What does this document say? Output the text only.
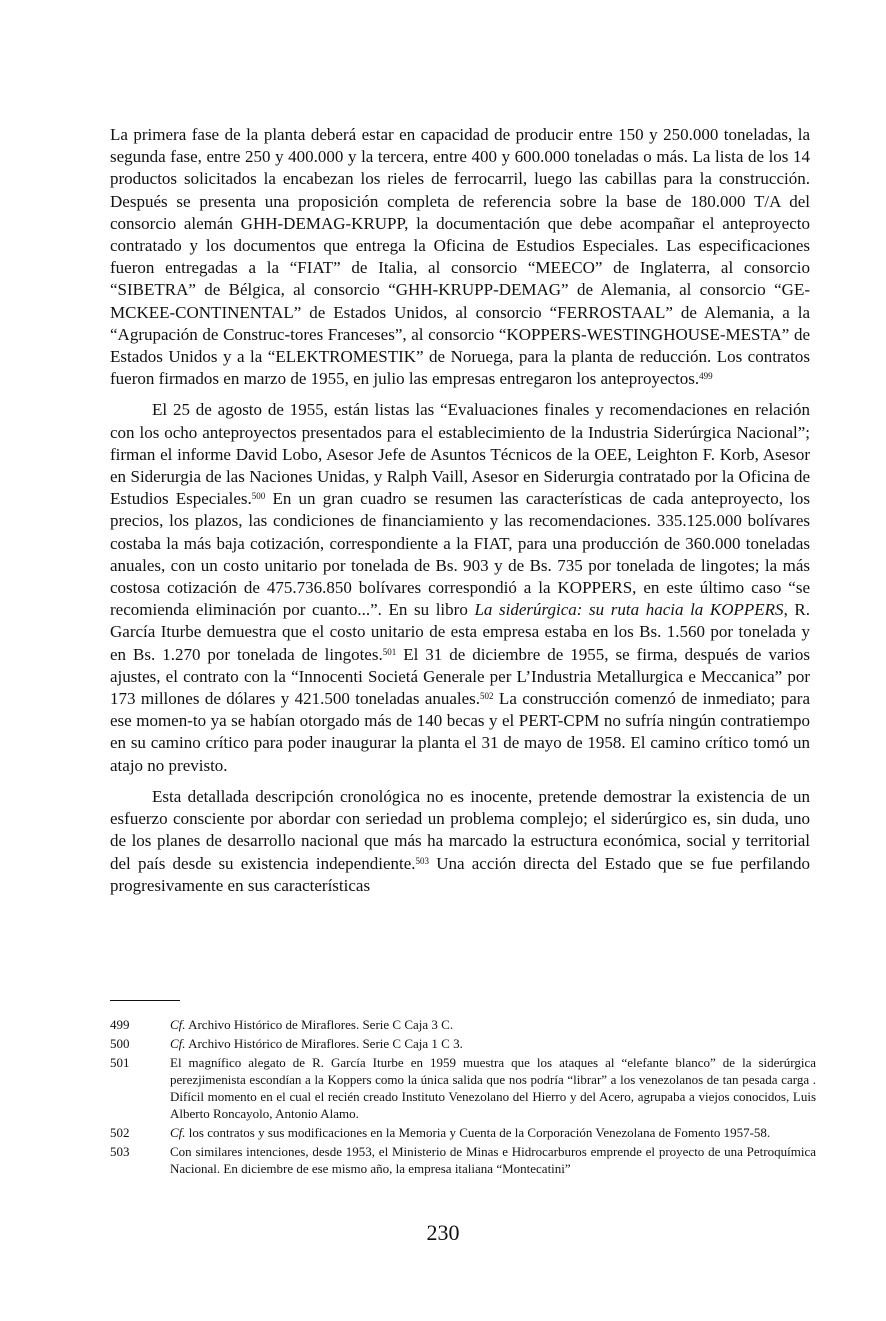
La primera fase de la planta deberá estar en capacidad de producir entre 150 y 250.000 toneladas, la segunda fase, entre 250 y 400.000 y la tercera, entre 400 y 600.000 toneladas o más. La lista de los 14 productos solicitados la encabezan los rieles de ferrocarril, luego las cabillas para la construcción. Después se presenta una proposición completa de referencia sobre la base de 180.000 T/A del consorcio alemán GHH-DEMAG-KRUPP, la documentación que debe acompañar el anteproyecto contratado y los documentos que entrega la Oficina de Estudios Especiales. Las especificaciones fueron entregadas a la “FIAT” de Italia, al consorcio “MEECO” de Inglaterra, al consorcio “SIBETRA” de Bélgica, al consorcio “GHH-KRUPP-DEMAG” de Alemania, al consorcio “GE-MCKEE-CONTINENTAL” de Estados Unidos, al consorcio “FERROSTAAL” de Alemania, a la “Agrupación de Construc-tores Franceses”, al consorcio “KOPPERS-WESTINGHOUSE-MESTA” de Estados Unidos y a la “ELEKTROMESTIK” de Noruega, para la planta de reducción. Los contratos fueron firmados en marzo de 1955, en julio las empresas entregaron los anteproyectos.$^{499}$

El 25 de agosto de 1955, están listas las “Evaluaciones finales y recomendaciones en relación con los ocho anteproyectos presentados para el establecimiento de la Industria Siderúrgica Nacional”; firman el informe David Lobo, Asesor Jefe de Asuntos Técnicos de la OEE, Leighton F. Korb, Asesor en Siderurgia de las Naciones Unidas, y Ralph Vaill, Asesor en Siderurgia contratado por la Oficina de Estudios Especiales.$^{500}$ En un gran cuadro se resumen las características de cada anteproyecto, los precios, los plazos, las condiciones de financiamiento y las recomendaciones. 335.125.000 bolívares costaba la más baja cotización, correspondiente a la FIAT, para una producción de 360.000 toneladas anuales, con un costo unitario por tonelada de Bs. 903 y de Bs. 735 por tonelada de lingotes; la más costosa cotización de 475.736.850 bolívares correspondió a la KOPPERS, en este último caso “se recomienda eliminación por cuanto...”. En su libro La siderúrgica: su ruta hacia la KOPPERS, R. García Iturbe demuestra que el costo unitario de esta empresa estaba en los Bs. 1.560 por tonelada y en Bs. 1.270 por tonelada de lingotes.$^{501}$ El 31 de diciembre de 1955, se firma, después de varios ajustes, el contrato con la “Innocenti Societá Generale per L’Industria Metallurgica e Meccanica” por 173 millones de dólares y 421.500 toneladas anuales.$^{502}$ La construcción comenzó de inmediato; para ese momen-to ya se habían otorgado más de 140 becas y el PERT-CPM no sufría ningún contratiempo en su camino crítico para poder inaugurar la planta el 31 de mayo de 1958. El camino crítico tomó un atajo no previsto.

Esta detallada descripción cronológica no es inocente, pretende demostrar la existencia de un esfuerzo consciente por abordar con seriedad un problema complejo; el siderúrgico es, sin duda, uno de los planes de desarrollo nacional que más ha marcado la estructura económica, social y territorial del país desde su existencia independiente.$^{503}$ Una acción directa del Estado que se fue perfilando progresivamente en sus características

499	Cf. Archivo Histórico de Miraflores. Serie C Caja 3 C.
500	Cf. Archivo Histórico de Miraflores. Serie C Caja 1 C 3.
501	El magnífico alegato de R. García Iturbe en 1959 muestra que los ataques al “elefante blanco” de la siderúrgica perezjimenista escondían a la Koppers como la única salida que nos podría “librar” a los venezolanos de tan pesada carga . Difícil momento en el cual el recién creado Instituto Venezolano del Hierro y del Acero, agrupaba a viejos conocidos, Luis Alberto Roncayolo, Antonio Alamo.
502	Cf. los contratos y sus modificaciones en la Memoria y Cuenta de la Corporación Venezolana de Fomento 1957-58.
503	Con similares intenciones, desde 1953, el Ministerio de Minas e Hidrocarburos emprende el proyecto de una Petroquímica Nacional. En diciembre de ese mismo año, la empresa italiana “Montecatini”
230
